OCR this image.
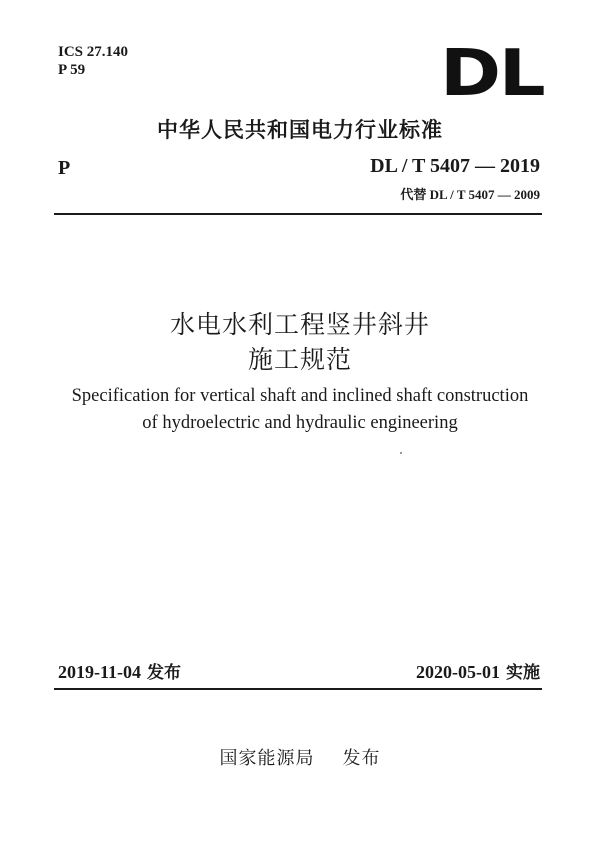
ICS 27.140
P 59	DL
中华人民共和国电力行业标准
P	DL / T 5407 — 2019
代替 DL / T 5407 — 2009
水电水利工程竖井斜井
施工规范
Specification for vertical shaft and inclined shaft construction
of hydroelectric and hydraulic engineering
2019-11-04 发布	2020-05-01 实施
国家能源局 发布
